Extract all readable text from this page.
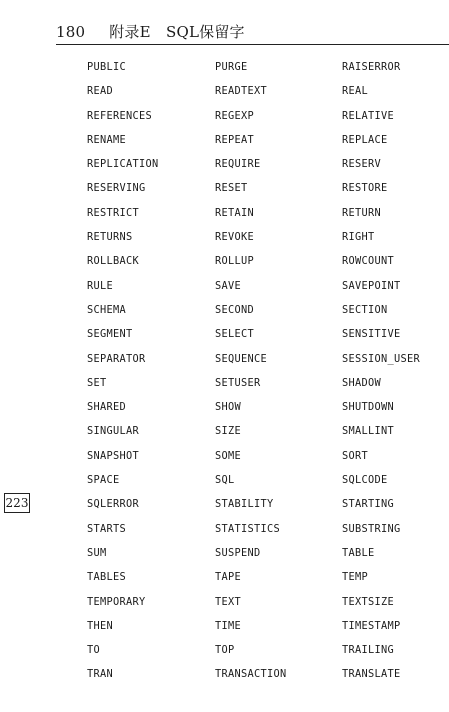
180 附录E　SQL保留字
223
PUBLIC	PURGE	RAISERROR
READ	READTEXT	REAL
REFERENCES	REGEXP	RELATIVE
RENAME	REPEAT	REPLACE
REPLICATION	REQUIRE	RESERV
RESERVING	RESET	RESTORE
RESTRICT	RETAIN	RETURN
RETURNS	REVOKE	RIGHT
ROLLBACK	ROLLUP	ROWCOUNT
RULE	SAVE	SAVEPOINT
SCHEMA	SECOND	SECTION
SEGMENT	SELECT	SENSITIVE
SEPARATOR	SEQUENCE	SESSION_USER
SET	SETUSER	SHADOW
SHARED	SHOW	SHUTDOWN
SINGULAR	SIZE	SMALLINT
SNAPSHOT	SOME	SORT
SPACE	SQL	SQLCODE
SQLERROR	STABILITY	STARTING
STARTS	STATISTICS	SUBSTRING
SUM	SUSPEND	TABLE
TABLES	TAPE	TEMP
TEMPORARY	TEXT	TEXTSIZE
THEN	TIME	TIMESTAMP
TO	TOP	TRAILING
TRAN	TRANSACTION	TRANSLATE
